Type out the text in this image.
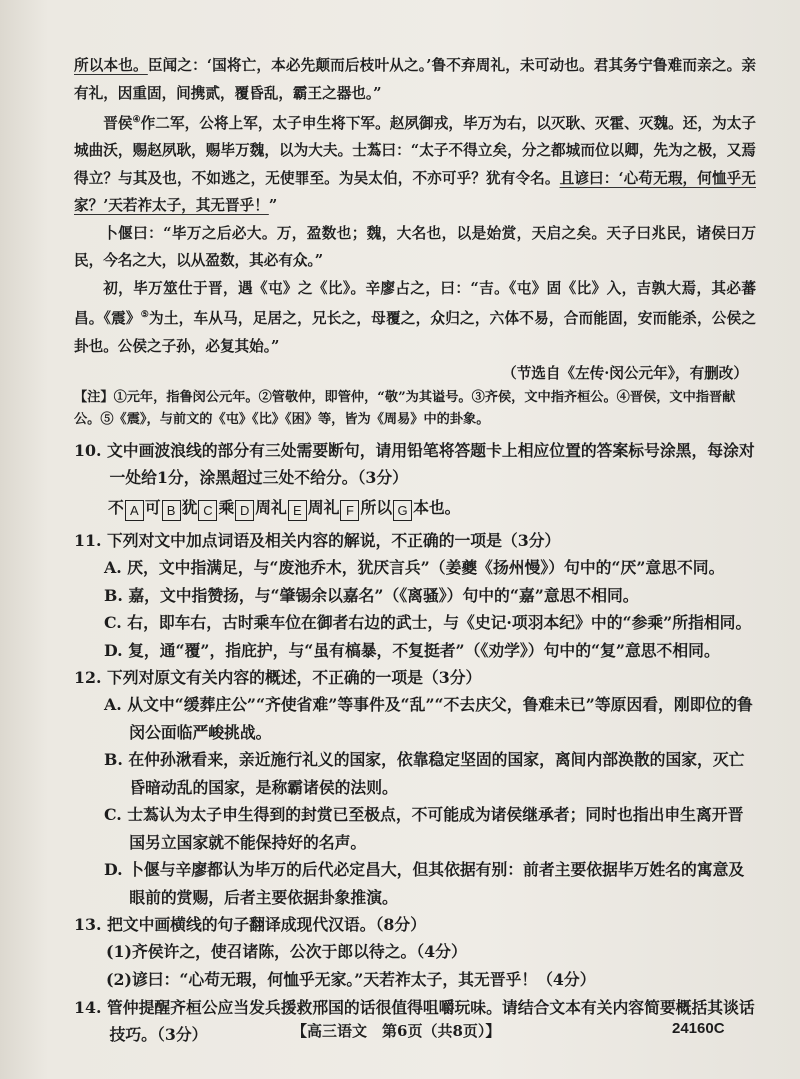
所以本也。臣闻之：‘国将亡，本必先颠而后枝叶从之。’鲁不弃周礼，未可动也。君其务宁鲁难而亲之。亲有礼，因重固，间携贰，覆昏乱，霸王之器也。”

晋侯④作二军，公将上军，太子申生将下军。赵夙御戎，毕万为右，以灭耿、灭霍、灭魏。还，为太子城曲沃，赐赵夙耿，赐毕万魏，以为大夫。士蒍曰：“太子不得立矣，分之都城而位以卿，先为之极，又焉得立？与其及也，不如逃之，无使罪至。为吴太伯，不亦可乎？犹有令名。且谚曰：‘心苟无瑕，何恤乎无家？’天若祚太子，其无晋乎！”

卜偃曰：“毕万之后必大。万，盈数也；魏，大名也，以是始赏，天启之矣。天子曰兆民，诸侯曰万民，今名之大，以从盈数，其必有众。”

初，毕万筮仕于晋，遇《屯》之《比》。辛廖占之，曰：“吉。《屯》固《比》入，吉孰大焉，其必蕃昌。《震》⑤为土，车从马，足居之，兄长之，母覆之，众归之，六体不易，合而能固，安而能杀，公侯之卦也。公侯之子孙，必复其始。”

（节选自《左传·闵公元年》，有删改）

【注】①元年，指鲁闵公元年。②管敬仲，即管仲，“敬”为其谥号。③齐侯，文中指齐桓公。④晋侯，文中指晋献公。⑤《震》，与前文的《屯》《比》《困》等，皆为《周易》中的卦象。

10. 文中画波浪线的部分有三处需要断句，请用铅笔将答题卡上相应位置的答案标号涂黑，每涂对一处给1分，涂黑超过三处不给分。（3分）

不 A 可 B 犹 C 乘 D 周礼 E 周礼 F 所以 G 本也。

11. 下列对文中加点词语及相关内容的解说，不正确的一项是（3分）

A. 厌，文中指满足，与“废池乔木，犹厌言兵”（姜夔《扬州慢》）句中的“厌”意思不同。

B. 嘉，文中指赞扬，与“肇锡余以嘉名”（《离骚》）句中的“嘉”意思不相同。

C. 右，即车右，古时乘车位在御者右边的武士，与《史记·项羽本纪》中的“参乘”所指相同。

D. 复，通“覆”，指庇护，与“虽有槁暴，不复挺者”（《劝学》）句中的“复”意思不相同。

12. 下列对原文有关内容的概述，不正确的一项是（3分）

A. 从文中“缓葬庄公”“齐使省难”等事件及“乱”“不去庆父，鲁难未已”等原因看，刚即位的鲁闵公面临严峻挑战。

B. 在仲孙湫看来，亲近施行礼义的国家，依靠稳定坚固的国家，离间内部涣散的国家，灭亡昏暗动乱的国家，是称霸诸侯的法则。

C. 士蒍认为太子申生得到的封赏已至极点，不可能成为诸侯继承者；同时也指出申生离开晋国另立国家就不能保持好的名声。

D. 卜偃与辛廖都认为毕万的后代必定昌大，但其依据有别：前者主要依据毕万姓名的寓意及眼前的赏赐，后者主要依据卦象推演。

13. 把文中画横线的句子翻译成现代汉语。（8分）

(1)齐侯许之，使召诸陈，公次于郎以待之。（4分）

(2)谚曰：“心苟无瑕，何恤乎无家。”天若祚太子，其无晋乎！（4分）

14. 管仲提醒齐桓公应当发兵援救邢国的话很值得咀嚼玩味。请结合文本有关内容简要概括其谈话技巧。（3分）	【高三语文　第6页（共8页）】	24160C
